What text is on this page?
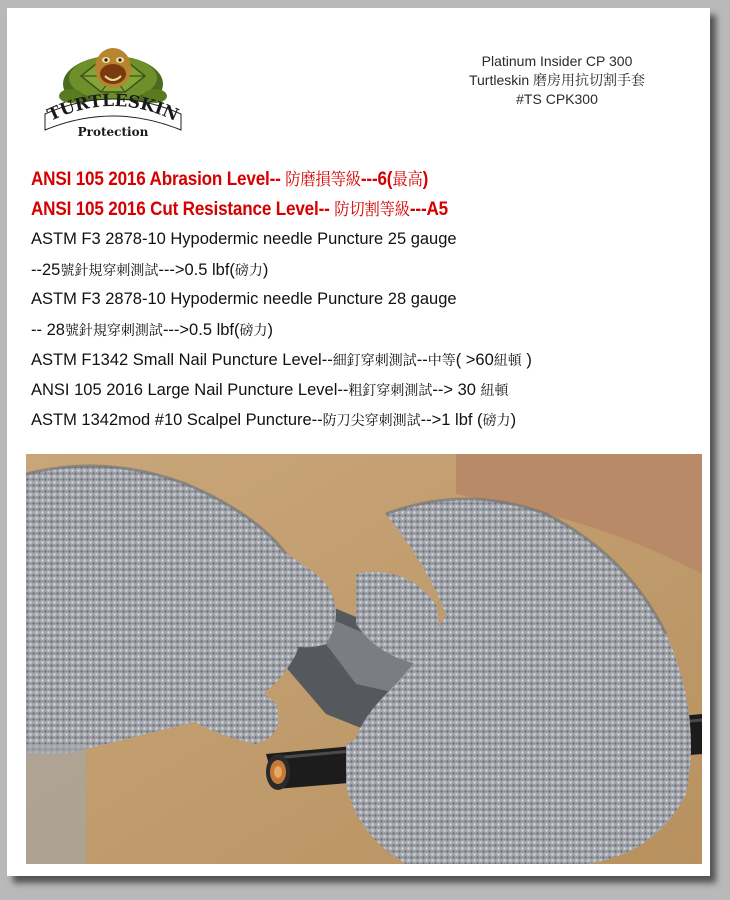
TURTLESKIN
Protection
Platinum Insider CP 300
Turtleskin 磨房用抗切割手套
#TS CPK300
ANSI 105 2016 Abrasion Level-- 防磨損等級---6(最高)
ANSI 105 2016 Cut Resistance Level-- 防切割等級---A5
ASTM F3 2878-10 Hypodermic needle Puncture 25 gauge
--25號針規穿刺測試--->0.5 lbf(磅力)
ASTM F3 2878-10 Hypodermic needle Puncture 28 gauge
-- 28號針規穿刺測試--->0.5 lbf(磅力)
ASTM F1342 Small Nail Puncture Level--細釘穿刺測試--中等( >60紐頓 )
ANSI 105 2016 Large Nail Puncture Level--粗釘穿刺測試--> 30 紐頓
ASTM 1342mod #10 Scalpel Puncture--防刀尖穿刺測試-->1 lbf (磅力)
